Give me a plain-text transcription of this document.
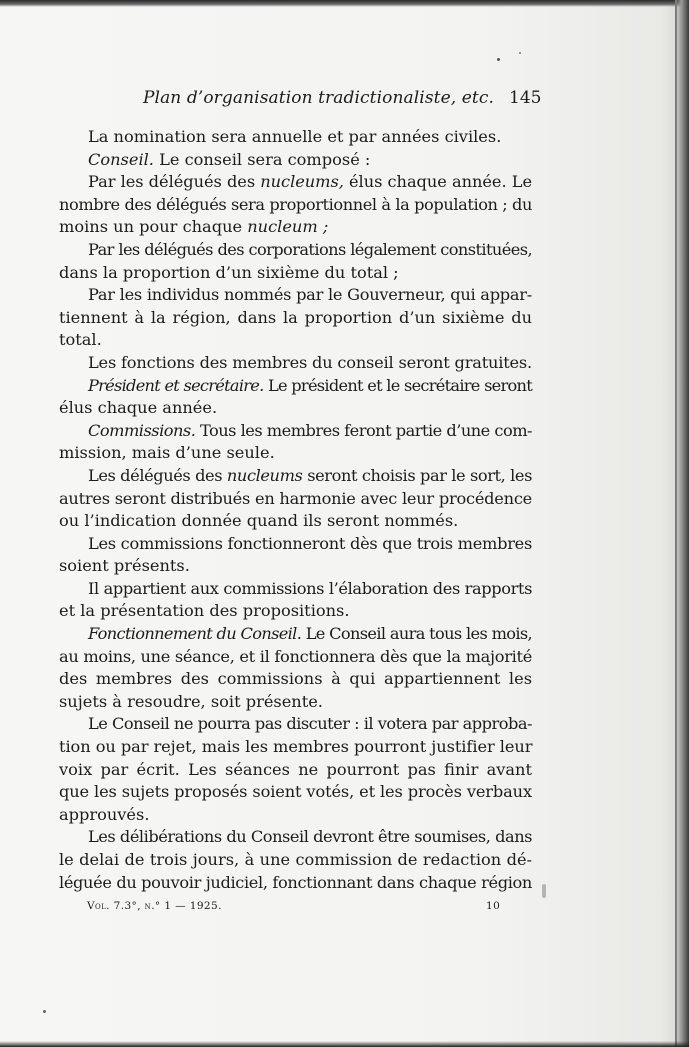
Plan d’organisation tradictionaliste, etc. 145
La nomination sera annuelle et par années civiles.
Conseil. Le conseil sera composé :
Par les délégués des nucleums, élus chaque année. Le
nombre des délégués sera proportionnel à la population ; du
moins un pour chaque nucleum ;
Par les délégués des corporations légalement constituées,
dans la proportion d’un sixième du total ;
Par les individus nommés par le Gouverneur, qui appar-
tiennent à la région, dans la proportion d’un sixième du
total.
Les fonctions des membres du conseil seront gratuites.
Président et secrétaire. Le président et le secrétaire seront
élus chaque année.
Commissions. Tous les membres feront partie d’une com-
mission, mais d’une seule.
Les délégués des nucleums seront choisis par le sort, les
autres seront distribués en harmonie avec leur procédence
ou l’indication donnée quand ils seront nommés.
Les commissions fonctionneront dès que trois membres
soient présents.
Il appartient aux commissions l’élaboration des rapports
et la présentation des propositions.
Fonctionnement du Conseil. Le Conseil aura tous les mois,
au moins, une séance, et il fonctionnera dès que la majorité
des membres des commissions à qui appartiennent les
sujets à resoudre, soit présente.
Le Conseil ne pourra pas discuter : il votera par approba-
tion ou par rejet, mais les membres pourront justifier leur
voix par écrit. Les séances ne pourront pas finir avant
que les sujets proposés soient votés, et les procès verbaux
approuvés.
Les délibérations du Conseil devront être soumises, dans
le delai de trois jours, à une commission de redaction dé-
léguée du pouvoir judiciel, fonctionnant dans chaque région
Vol. 7.3°, n.° 1 — 1925.	10
